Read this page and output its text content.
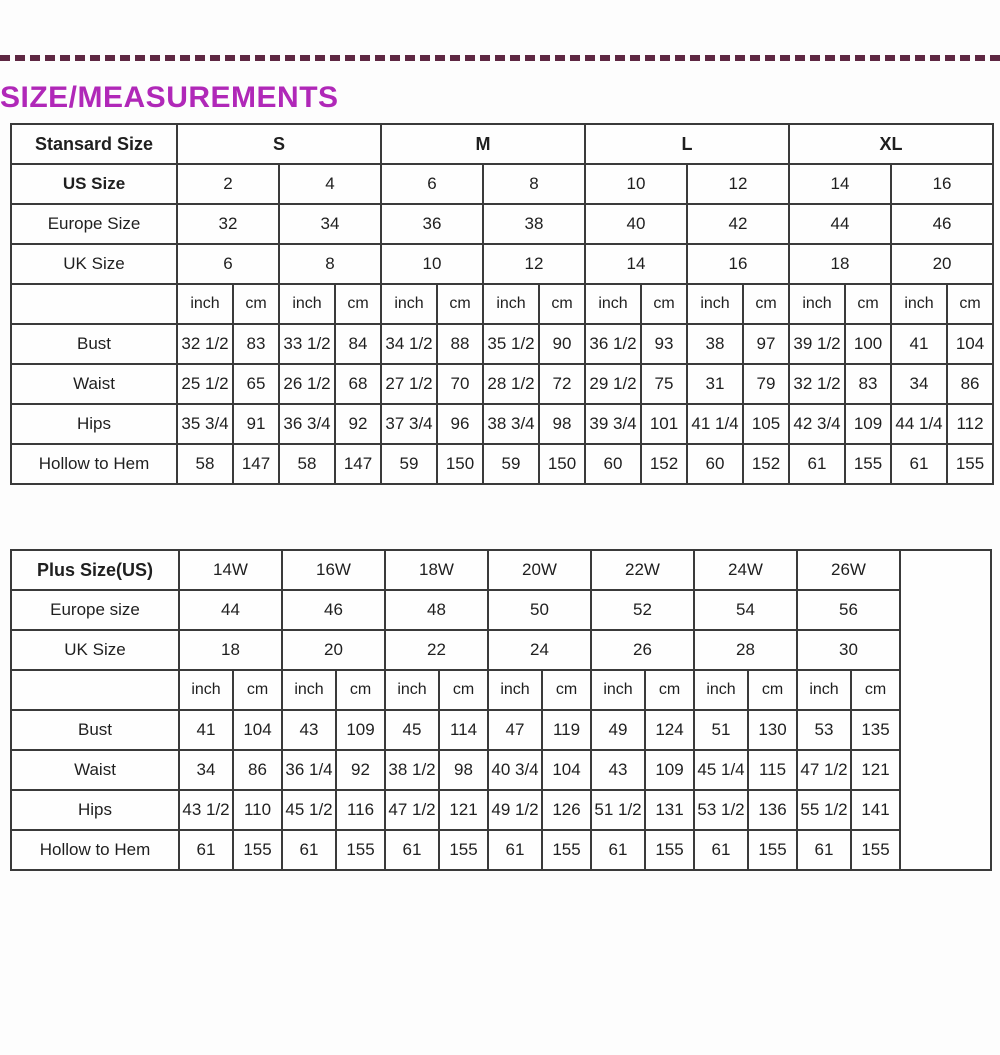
SIZE/MEASUREMENTS
Stansard Size	S				M				L				XL			
US Size	2		4		6		8		10		12		14		16	
Europe Size	32		34		36		38		40		42		44		46	
UK Size	6		8		10		12		14		16		18		20	
	inch	cm	inch	cm	inch	cm	inch	cm	inch	cm	inch	cm	inch	cm	inch	cm
Bust	32 1/2	83	33 1/2	84	34 1/2	88	35 1/2	90	36 1/2	93	38	97	39 1/2	100	41	104
Waist	25 1/2	65	26 1/2	68	27 1/2	70	28 1/2	72	29 1/2	75	31	79	32 1/2	83	34	86
Hips	35 3/4	91	36 3/4	92	37 3/4	96	38 3/4	98	39 3/4	101	41 1/4	105	42 3/4	109	44 1/4	112
Hollow to Hem	58	147	58	147	59	150	59	150	60	152	60	152	61	155	61	155
Plus Size(US)	14W		16W		18W		20W		22W		24W		26W		
Europe size	44		46		48		50		52		54		56		
UK Size	18		20		22		24		26		28		30		
	inch	cm	inch	cm	inch	cm	inch	cm	inch	cm	inch	cm	inch	cm	
Bust	41	104	43	109	45	114	47	119	49	124	51	130	53	135	
Waist	34	86	36 1/4	92	38 1/2	98	40 3/4	104	43	109	45 1/4	115	47 1/2	121	
Hips	43 1/2	110	45 1/2	116	47 1/2	121	49 1/2	126	51 1/2	131	53 1/2	136	55 1/2	141	
Hollow to Hem	61	155	61	155	61	155	61	155	61	155	61	155	61	155	
